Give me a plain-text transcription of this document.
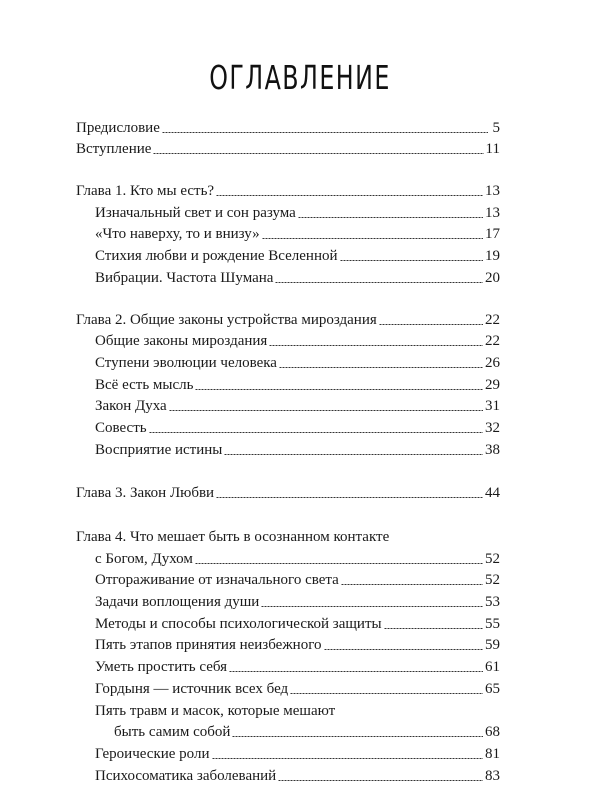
ОГЛАВЛЕНИЕ
Предисловие	5
Вступление	11
Глава 1. Кто мы есть?	13
Изначальный свет и сон разума	13
«Что наверху, то и внизу»	17
Стихия любви и рождение Вселенной	19
Вибрации. Частота Шумана	20
Глава 2. Общие законы устройства мироздания	22
Общие законы мироздания	22
Ступени эволюции человека	26
Всё есть мысль	29
Закон Духа	31
Совесть	32
Восприятие истины	38
Глава 3. Закон Любви	44
Глава 4. Что мешает быть в осознанном контакте
с Богом, Духом	52
Отгораживание от изначального света	52
Задачи воплощения души	53
Методы и способы психологической защиты	55
Пять этапов принятия неизбежного	59
Уметь простить себя	61
Гордыня — источник всех бед	65
Пять травм и масок, которые мешают
быть самим собой	68
Героические роли	81
Психосоматика заболеваний	83
